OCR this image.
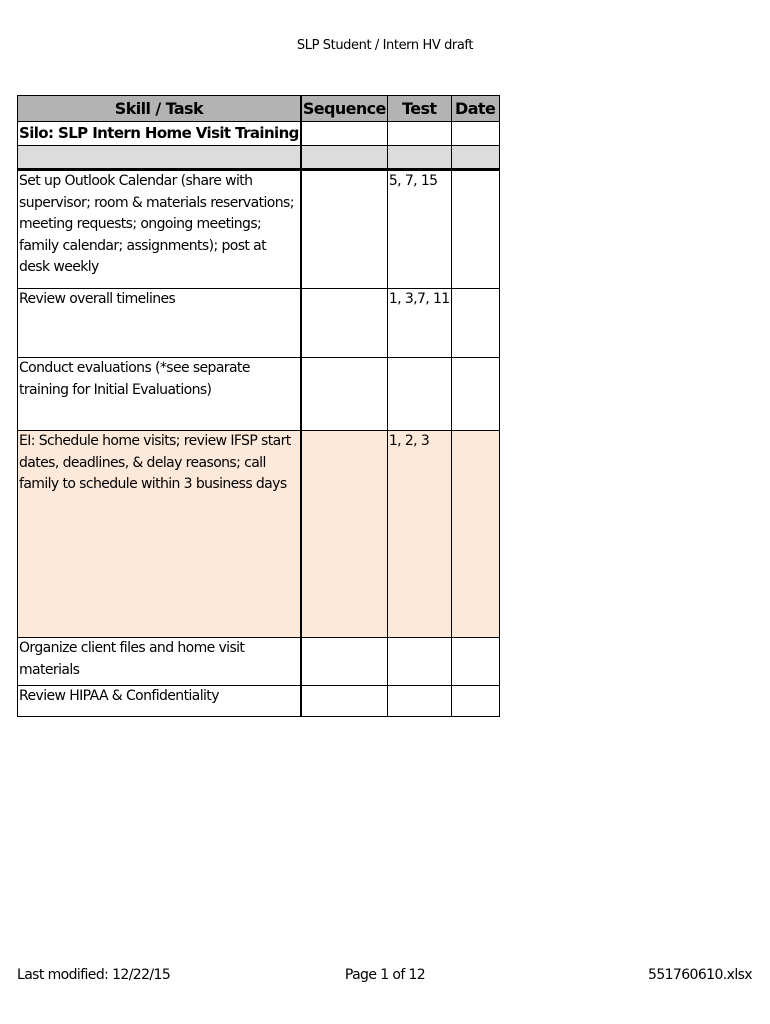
SLP Student / Intern HV draft
Skill / Task	Sequence	Test	Date
Silo: SLP Intern Home Visit Training			

Set up Outlook Calendar (share with supervisor; room & materials reservations; meeting requests; ongoing meetings; family calendar; assignments); post at desk weekly		5, 7, 15	
Review overall timelines		1, 3,7, 11	
Conduct evaluations (*see separate training for Initial Evaluations)			
EI: Schedule home visits; review IFSP start dates, deadlines, & delay reasons; call family to schedule within 3 business days		1, 2, 3	
Organize client files and home visit materials			
Review HIPAA & Confidentiality			
Last modified: 12/22/15	Page 1 of 12	551760610.xlsx
